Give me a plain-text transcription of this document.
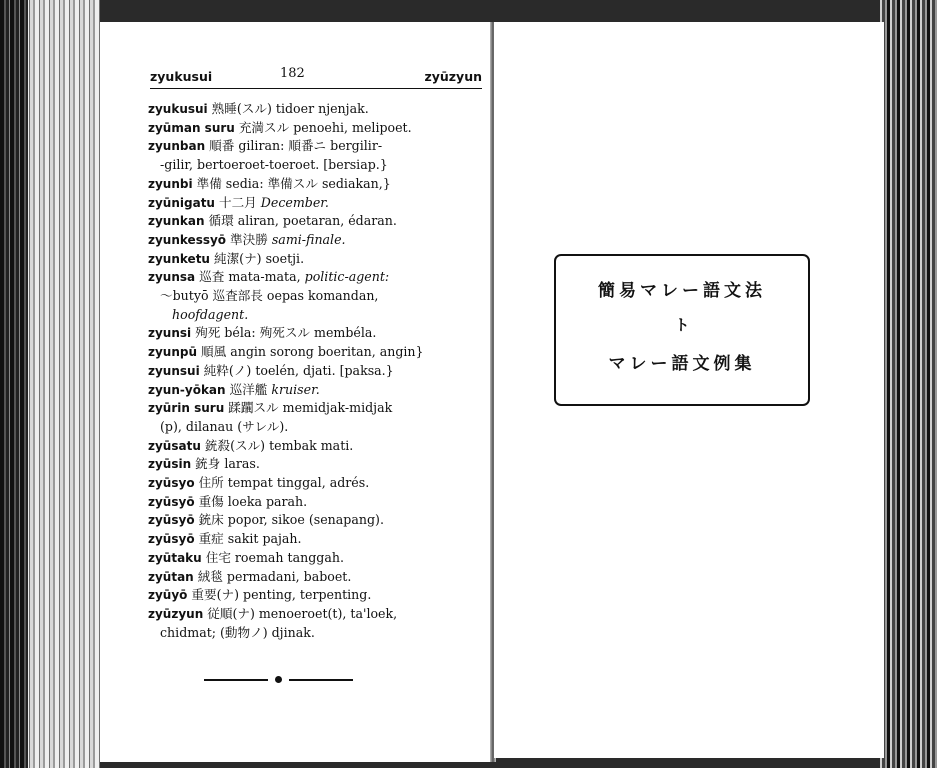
zyukusui	182	zyūzyun
zyukusui 熟睡(スル) tidoer njenjak.
zyūman suru 充満スル penoehi, melipoet.
zyunban 順番 giliran: 順番ニ bergilir-
-gilir, bertoeroet-toeroet. [bersiap.}
zyunbi 準備 sedia: 準備スル sediakan,}
zyūnigatu 十二月 December.
zyunkan 循環 aliran, poetaran, édaran.
zyunkessyō 準決勝 sami-finale.
zyunketu 純潔(ナ) soetji.
zyunsa 巡査 mata-mata, politic-agent:
～butyō 巡査部長 oepas komandan,
hoofdagent.
zyunsi 殉死 béla: 殉死スル membéla.
zyunpū 順風 angin sorong boeritan, angin}
zyunsui 純粋(ノ) toelén, djati. [paksa.}
zyun-yōkan 巡洋艦 kruiser.
zyūrin suru 蹂躙スル memidjak-midjak
(p), dilanau (サレル).
zyūsatu 銃殺(スル) tembak mati.
zyūsin 銃身 laras.
zyūsyo 住所 tempat tinggal, adrés.
zyūsyō 重傷 loeka parah.
zyūsyō 銃床 popor, sikoe (senapang).
zyūsyō 重症 sakit pajah.
zyūtaku 住宅 roemah tanggah.
zyūtan 絨毯 permadani, baboet.
zyūyō 重要(ナ) penting, terpenting.
zyūzyun 従順(ナ) menoeroet(t), ta'loek,
chidmat; (動物ノ) djinak.
簡易マレー語文法
ト
マレー語文例集
